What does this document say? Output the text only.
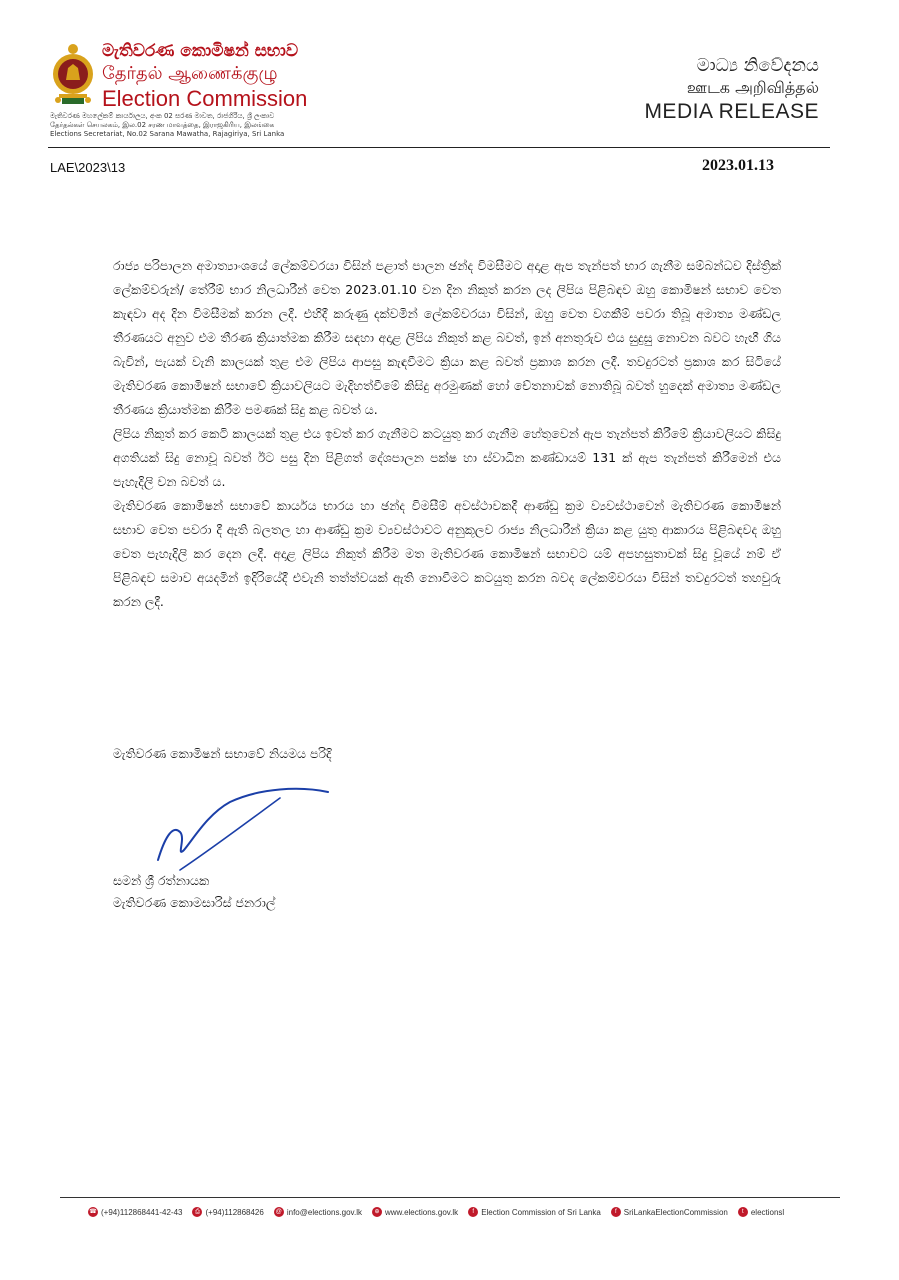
මැතිවරණ කොමිෂන් සභාව
தேர்தல் ஆணைக்குழு
Election Commission
මැතිවරණ මහලේකම් කාර්යාලය, අංක 02 සරණ මාවත, රාජගිරිය, ශ්‍රී ලංකාව
தேர்தல்கள் செயலகம், இல.02 சரண மாவத்தை, இராஜகிரிய, இலங்கை
Elections Secretariat, No.02 Sarana Mawatha, Rajagiriya, Sri Lanka
මාධ්‍ය නිවේදනය
ஊடக அறிவித்தல்
MEDIA RELEASE
LAE\2023\13	2023.01.13

රාජ්‍ය පරිපාලන අමාත්‍යාංශයේ ලේකම්වරයා විසින් පළාත් පාලන ඡන්ද විමසීමට අදාළ ඇප තැන්පත් භාර ගැනීම සම්බන්ධව දිස්ත්‍රික් ලේකම්වරුන්/ තේරීම් භාර නිලධාරීන් වෙත 2023.01.10 වන දින නිකුත් කරන ලද ලිපිය පිළිබඳව ඔහු කොමිෂන් සභාව වෙත කැඳවා අද දින විමසීමක් කරන ලදී. එහිදී කරුණු දක්වමින් ලේකම්වරයා විසින්, ඔහු වෙත වගකීම් පවරා තිබූ අමාත්‍ය මණ්ඩල තීරණයට අනුව එම තීරණ ක්‍රියාත්මක කිරීම සඳහා අදාළ ලිපිය නිකුත් කළ බවත්, ඉන් අනතුරුව එය සුදුසු නොවන බවට හැඟී ගිය බැවින්, පැයක් වැනි කාලයක් තුළ එම ලිපිය ආපසු කැඳවීමට ක්‍රියා කළ බවත් ප්‍රකාශ කරන ලදී. තවදුරටත් ප්‍රකාශ කර සිටියේ මැතිවරණ කොමිෂන් සභාවේ ක්‍රියාවලියට මැදිහත්වීමේ කිසිදු අරමුණක් හෝ චේතනාවක් නොතිබූ බවත් හුදෙක් අමාත්‍ය මණ්ඩල තීරණය ක්‍රියාත්මක කිරීම පමණක් සිදු කළ බවත් ය.

ලිපිය නිකුත් කර කෙටි කාලයක් තුළ එය ඉවත් කර ගැනීමට කටයුතු කර ගැනීම හේතුවෙන් ඇප තැන්පත් කිරීමේ ක්‍රියාවලියට කිසිදු අගතියක් සිදු නොවූ බවත් ඊට පසු දින පිළිගත් දේශපාලන පක්ෂ හා ස්වාධීන කණ්ඩායම් 131 ක් ඇප තැන්පත් කිරීමෙන් එය පැහැදිලි වන බවත් ය.

මැතිවරණ කොමිෂන් සභාවේ කාර්යය භාරය හා ඡන්ද විමසීම් අවස්ථාවකදී ආණ්ඩු ක්‍රම ව්‍යවස්ථාවෙන් මැතිවරණ කොමිෂන් සභාව වෙත පවරා දී ඇති බලතල හා ආණ්ඩු ක්‍රම ව්‍යවස්ථාවට අනුකූලව රාජ්‍ය නිලධාරීන් ක්‍රියා කළ යුතු ආකාරය පිළිබඳවද ඔහු වෙත පැහැදිලි කර දෙන ලදී. අදාළ ලිපිය නිකුත් කිරීම මත මැතිවරණ කොමිෂන් සභාවට යම් අපහසුතාවක් සිදු වූයේ නම් ඒ පිළිබඳව සමාව අයදමින් ඉදිරියේදී එවැනි තත්ත්වයක් ඇති නොවීමට කටයුතු කරන බවද ලේකම්වරයා විසින් තවදුරටත් තහවුරු කරන ලදී.

මැතිවරණ කොමිෂන් සභාවේ නියමය පරිදි
සමන් ශ්‍රී රත්නායක
මැතිවරණ කොමසාරිස් ජනරාල්
☎ (+94)112868441-42-43	⎙ (+94)112868426	@ info@elections.gov.lk	⊕ www.elections.gov.lk	f Election Commission of Sri Lanka	f SriLankaElectionCommission	t electionsl
